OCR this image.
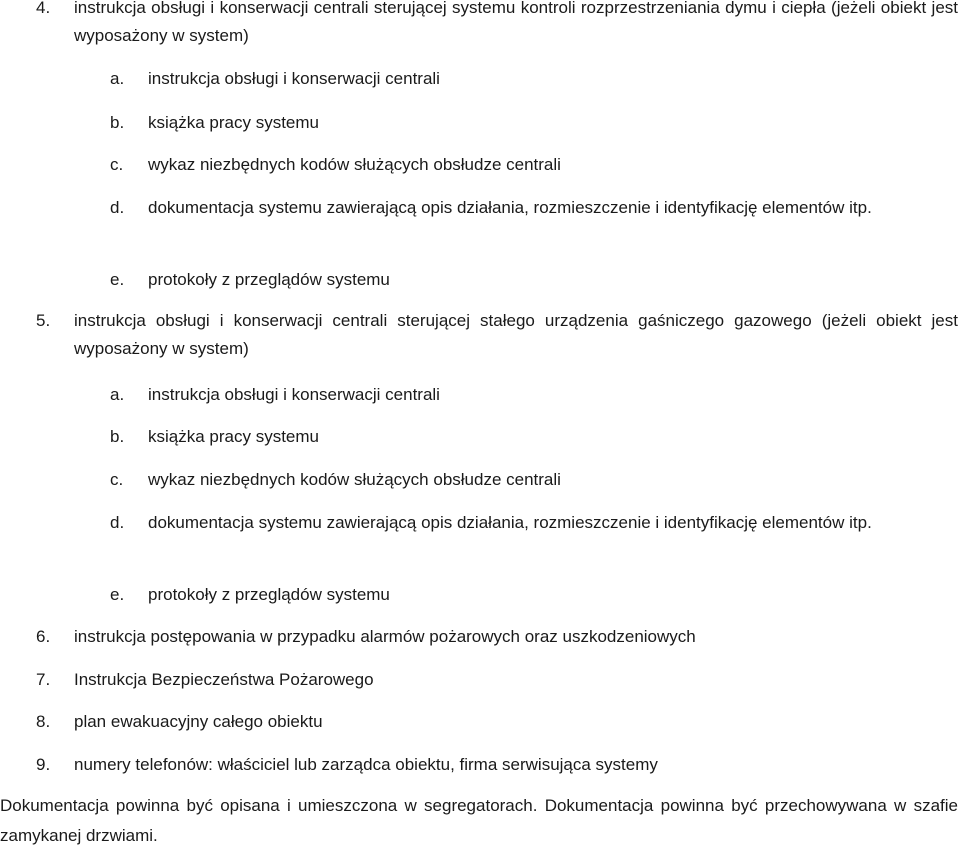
4.	instrukcja obsługi i konserwacji centrali sterującej systemu kontroli rozprzestrzeniania dymu i ciepła (jeżeli obiekt jest wyposażony w system)
a.	instrukcja obsługi i konserwacji centrali
b.	książka pracy systemu
c.	wykaz niezbędnych kodów służących obsłudze centrali
d.	dokumentacja systemu zawierającą opis działania, rozmieszczenie i identyfikację elementów itp.
e.	protokoły z przeglądów systemu
5.	instrukcja obsługi i konserwacji centrali sterującej stałego urządzenia gaśniczego gazowego (jeżeli obiekt jest wyposażony w system)
a.	instrukcja obsługi i konserwacji centrali
b.	książka pracy systemu
c.	wykaz niezbędnych kodów służących obsłudze centrali
d.	dokumentacja systemu zawierającą opis działania, rozmieszczenie i identyfikację elementów itp.
e.	protokoły z przeglądów systemu
6.	instrukcja postępowania w przypadku alarmów pożarowych oraz uszkodzeniowych
7.	Instrukcja Bezpieczeństwa Pożarowego
8.	plan ewakuacyjny całego obiektu
9.	numery telefonów: właściciel lub zarządca obiektu, firma serwisująca systemy

Dokumentacja powinna być opisana i umieszczona w segregatorach. Dokumentacja powinna być przechowywana w szafie zamykanej drzwiami.
